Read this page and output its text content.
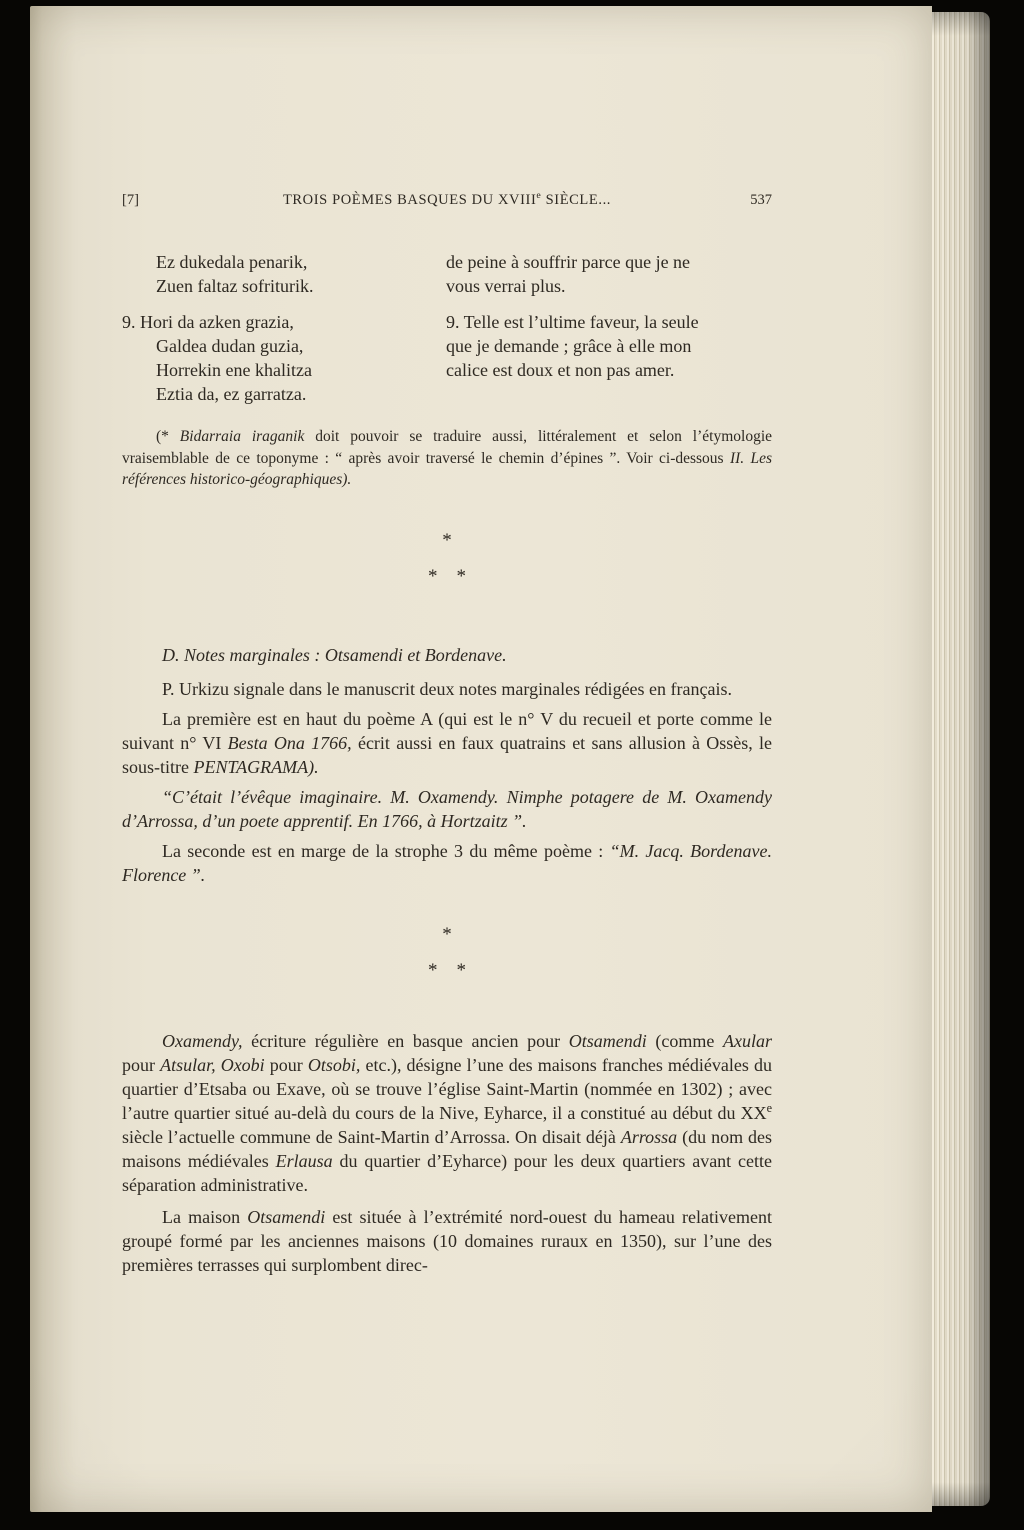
[7]	TROIS POÈMES BASQUES DU XVIIIe SIÈCLE...	537
Ez dukedala penarik,
Zuen faltaz sofriturik.
de peine à souffrir parce que je ne
vous verrai plus.
9. Hori da azken grazia,
Galdea dudan guzia,
Horrekin ene khalitza
Eztia da, ez garratza.
9. Telle est l’ultime faveur, la seule
que je demande ; grâce à elle mon
calice est doux et non pas amer.

(* Bidarraia iraganik doit pouvoir se traduire aussi, littéralement et selon l’étymologie vraisemblable de ce toponyme : “ après avoir traversé le chemin d’épines ”. Voir ci-dessous II. Les références historico-géographiques).

*
* *

D. Notes marginales : Otsamendi et Bordenave.

P. Urkizu signale dans le manuscrit deux notes marginales rédigées en français.

La première est en haut du poème A (qui est le n° V du recueil et porte comme le suivant n° VI Besta Ona 1766, écrit aussi en faux quatrains et sans allusion à Ossès, le sous-titre PENTAGRAMA).

“C’était l’évêque imaginaire. M. Oxamendy. Nimphe potagere de M. Oxamendy d’Arrossa, d’un poete apprentif. En 1766, à Hortzaitz ”.

La seconde est en marge de la strophe 3 du même poème : “M. Jacq. Bordenave. Florence ”.

*
* *

Oxamendy, écriture régulière en basque ancien pour Otsamendi (comme Axular pour Atsular, Oxobi pour Otsobi, etc.), désigne l’une des maisons franches médiévales du quartier d’Etsaba ou Exave, où se trouve l’église Saint-Martin (nommée en 1302) ; avec l’autre quartier situé au-delà du cours de la Nive, Eyharce, il a constitué au début du XXe siècle l’actuelle commune de Saint-Martin d’Arrossa. On disait déjà Arrossa (du nom des maisons médiévales Erlausa du quartier d’Eyharce) pour les deux quartiers avant cette séparation administrative.

La maison Otsamendi est située à l’extrémité nord-ouest du hameau relativement groupé formé par les anciennes maisons (10 domaines ruraux en 1350), sur l’une des premières terrasses qui surplombent direc-
